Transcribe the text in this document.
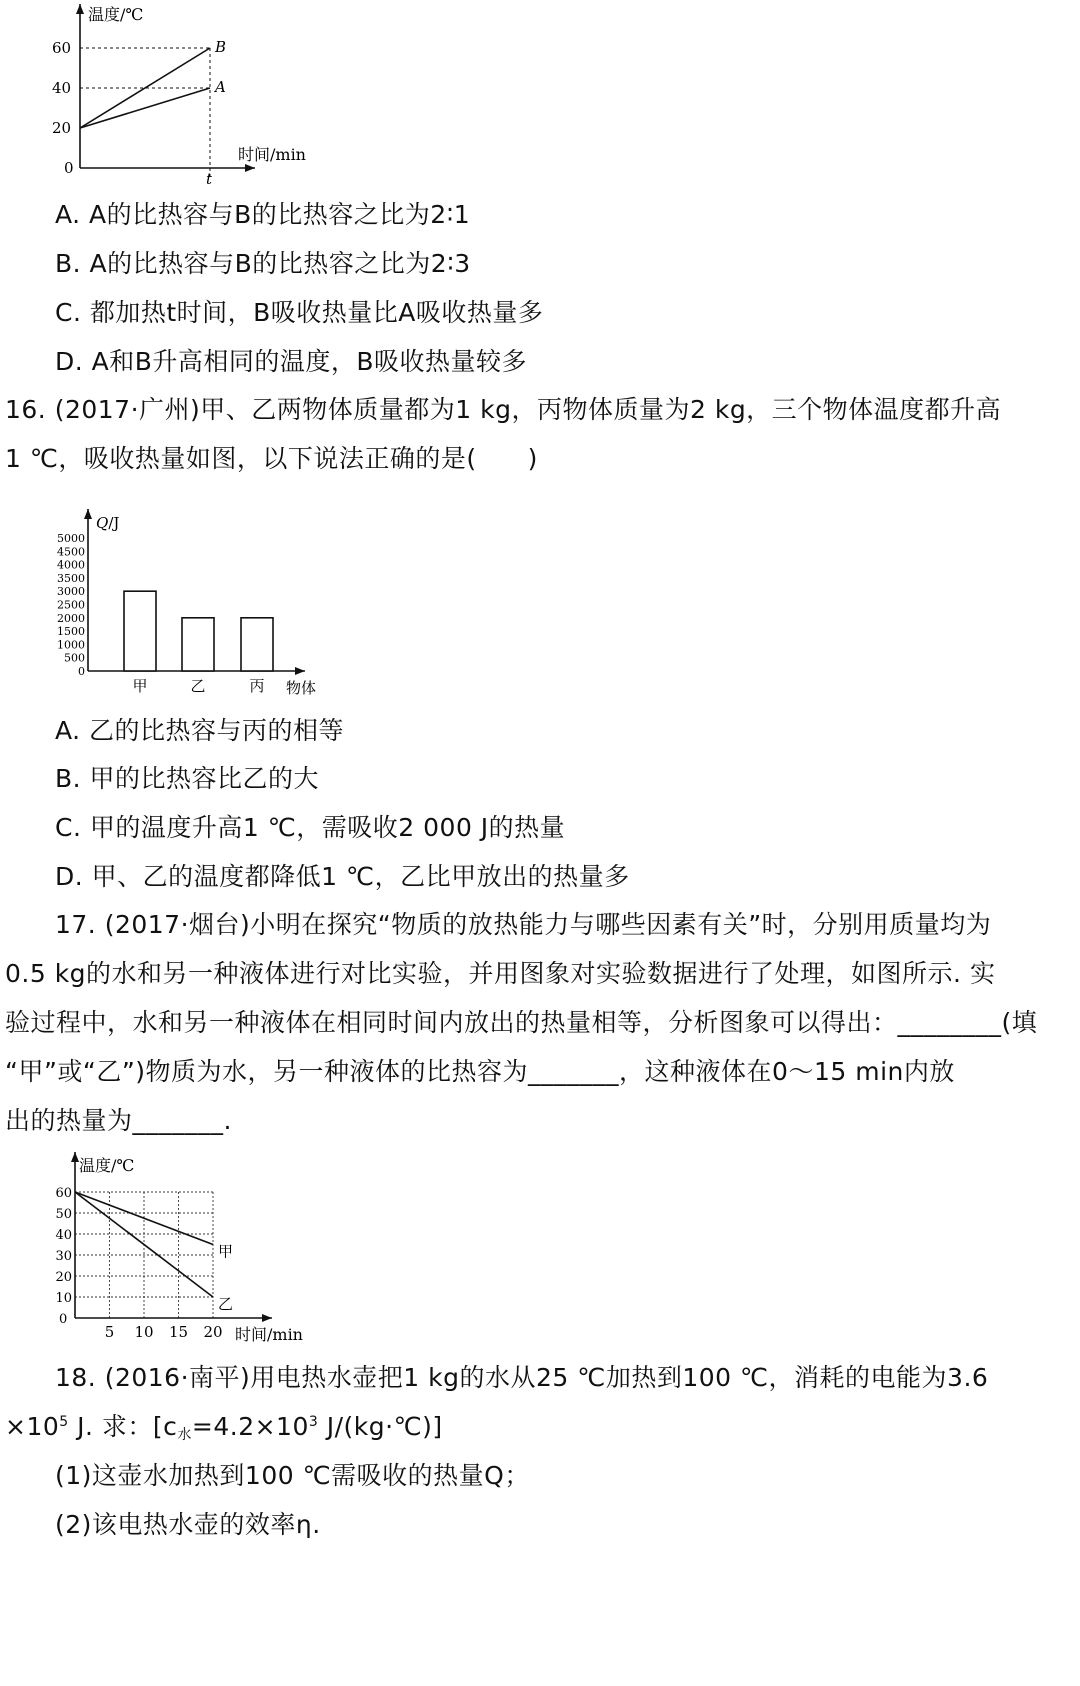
温度/℃
时间/min
0
20
40
60
t
B
A
A. A的比热容与B的比热容之比为2∶1
B. A的比热容与B的比热容之比为2∶3
C. 都加热t时间，B吸收热量比A吸收热量多
D. A和B升高相同的温度，B吸收热量较多
16. (2017·广州)甲、乙两物体质量都为1 kg，丙物体质量为2 kg，三个物体温度都升高
1 ℃，吸收热量如图，以下说法正确的是(　　)
Q/J
0
500
1000
1500
2000
2500
3000
3500
4000
4500
5000
甲	乙	丙 物体
A. 乙的比热容与丙的相等
B. 甲的比热容比乙的大
C. 甲的温度升高1 ℃，需吸收2 000 J的热量
D. 甲、乙的温度都降低1 ℃，乙比甲放出的热量多
17. (2017·烟台)小明在探究“物质的放热能力与哪些因素有关”时，分别用质量均为
0.5 kg的水和另一种液体进行对比实验，并用图象对实验数据进行了处理，如图所示. 实
验过程中，水和另一种液体在相同时间内放出的热量相等，分析图象可以得出：________(填
“甲”或“乙”)物质为水，另一种液体的比热容为_______，这种液体在0～15 min内放
出的热量为_______.
温度/℃
时间/min
0
10
20
30
40
50
60
5 10 15 20
甲
乙
18. (2016·南平)用电热水壶把1 kg的水从25 ℃加热到100 ℃，消耗的电能为3.6
$\times 10^5$ J. 求：[$c_水=4.2\times 10^3$ J/(kg·℃)]
(1)这壶水加热到100 ℃需吸收的热量Q；
(2)该电热水壶的效率η.
